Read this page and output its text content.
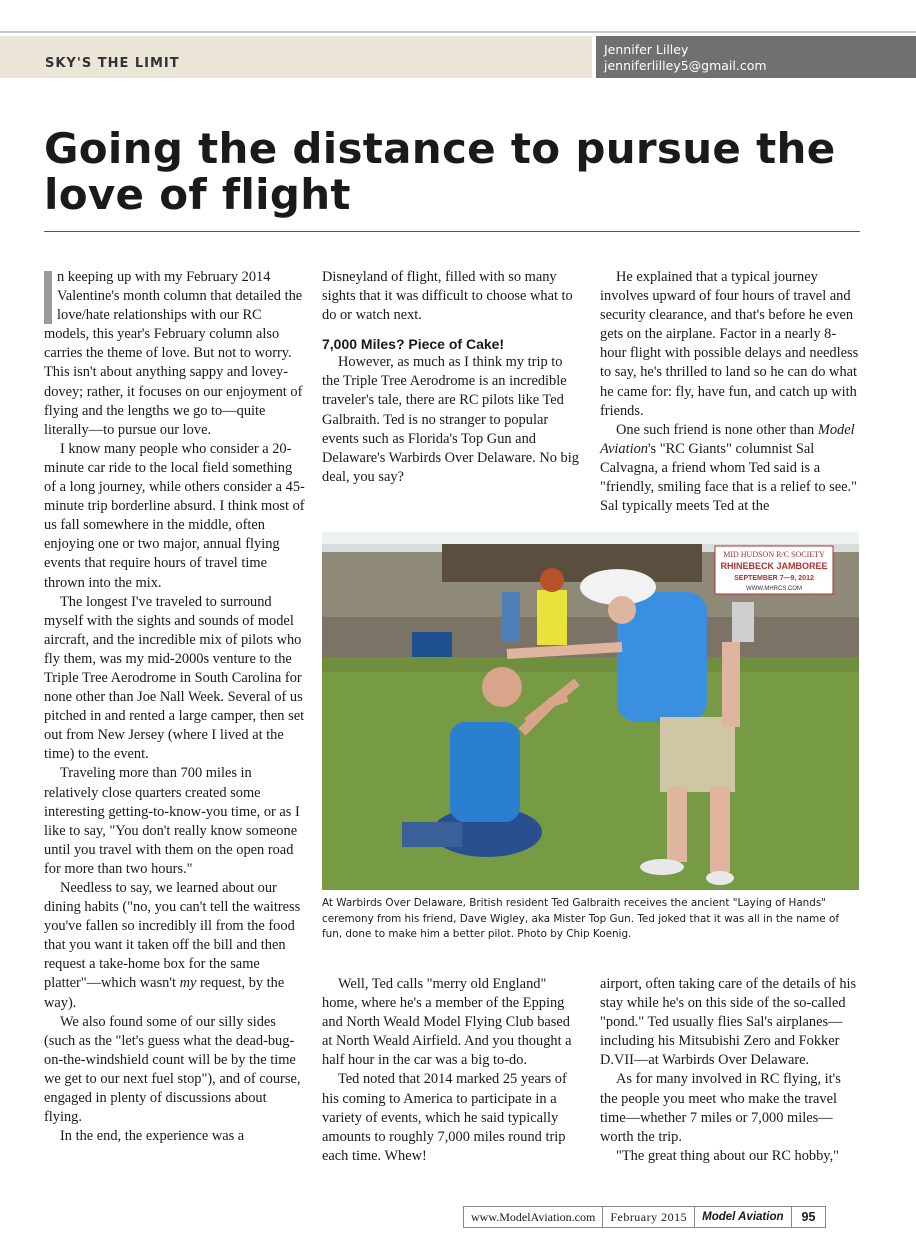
SKY'S THE LIMIT
Jennifer Lilley
jenniferlilley5@gmail.com
Going the distance to pursue the love of flight

n keeping up with my February 2014 Valentine's month column that detailed the love/hate relationships with our RC models, this year's February column also carries the theme of love. But not to worry. This isn't about anything sappy and lovey-dovey; rather, it focuses on our enjoyment of flying and the lengths we go to—quite literally—to pursue our love.

I know many people who consider a 20-minute car ride to the local field something of a long journey, while others consider a 45-minute trip borderline absurd. I think most of us fall somewhere in the middle, often enjoying one or two major, annual flying events that require hours of travel time thrown into the mix.

The longest I've traveled to surround myself with the sights and sounds of model aircraft, and the incredible mix of pilots who fly them, was my mid-2000s venture to the Triple Tree Aerodrome in South Carolina for none other than Joe Nall Week. Several of us pitched in and rented a large camper, then set out from New Jersey (where I lived at the time) to the event.

Traveling more than 700 miles in relatively close quarters created some interesting getting-to-know-you time, or as I like to say, "You don't really know someone until you travel with them on the open road for more than two hours."

Needless to say, we learned about our dining habits ("no, you can't tell the waitress you've fallen so incredibly ill from the food that you want it taken off the bill and then request a take-home box for the same platter"—which wasn't my request, by the way).

We also found some of our silly sides (such as the "let's guess what the dead-bug-on-the-windshield count will be by the time we get to our next fuel stop"), and of course, engaged in plenty of discussions about flying.

In the end, the experience was a

Disneyland of flight, filled with so many sights that it was difficult to choose what to do or watch next.

7,000 Miles? Piece of Cake!

However, as much as I think my trip to the Triple Tree Aerodrome is an incredible traveler's tale, there are RC pilots like Ted Galbraith. Ted is no stranger to popular events such as Florida's Top Gun and Delaware's Warbirds Over Delaware. No big deal, you say?

He explained that a typical journey involves upward of four hours of travel and security clearance, and that's before he even gets on the airplane. Factor in a nearly 8-hour flight with possible delays and needless to say, he's thrilled to land so he can do what he came for: fly, have fun, and catch up with friends.

One such friend is none other than Model Aviation's "RC Giants" columnist Sal Calvagna, a friend whom Ted said is a "friendly, smiling face that is a relief to see." Sal typically meets Ted at the

MID HUDSON R/C SOCIETY
RHINEBECK JAMBOREE
SEPTEMBER 7—9, 2012
WWW.MHRCS.COM
At Warbirds Over Delaware, British resident Ted Galbraith receives the ancient "Laying of Hands" ceremony from his friend, Dave Wigley, aka Mister Top Gun. Ted joked that it was all in the name of fun, done to make him a better pilot. Photo by Chip Koenig.

Well, Ted calls "merry old England" home, where he's a member of the Epping and North Weald Model Flying Club based at North Weald Airfield. And you thought a half hour in the car was a big to-do.

Ted noted that 2014 marked 25 years of his coming to America to participate in a variety of events, which he said typically amounts to roughly 7,000 miles round trip each time. Whew!

airport, often taking care of the details of his stay while he's on this side of the so-called "pond." Ted usually flies Sal's airplanes—including his Mitsubishi Zero and Fokker D.VII—at Warbirds Over Delaware.

As for many involved in RC flying, it's the people you meet who make the travel time—whether 7 miles or 7,000 miles—worth the trip.

"The great thing about our RC hobby,"

www.ModelAviation.com	February 2015	Model Aviation	95
